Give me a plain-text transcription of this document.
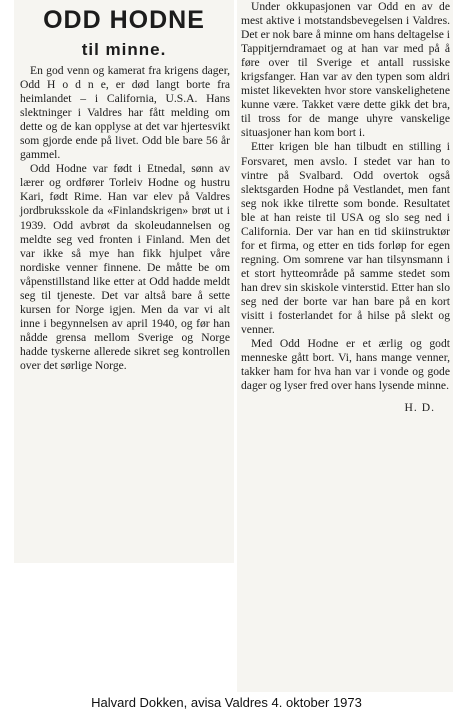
ODD HODNE
til minne.

En god venn og kamerat fra krigens dager, Odd H o d n e, er død langt borte fra heimlandet – i California, U.S.A. Hans slektninger i Valdres har fått melding om dette og de kan opplyse at det var hjertesvikt som gjorde ende på livet. Odd ble bare 56 år gammel.

Odd Hodne var født i Etnedal, sønn av lærer og ordfører Torleiv Hodne og hustru Kari, født Rime. Han var elev på Valdres jordbruksskole da «Finlandskrigen» brøt ut i 1939. Odd avbrøt da skoleudannelsen og meldte seg ved fronten i Finland. Men det var ikke så mye han fikk hjulpet våre nordiske venner finnene. De måtte be om våpenstillstand like etter at Odd hadde meldt seg til tjeneste. Det var altså bare å sette kursen for Norge igjen. Men da var vi alt inne i begynnelsen av april 1940, og før han nådde grensa mellom Sverige og Norge hadde tyskerne allerede sikret seg kontrollen over det sørlige Norge.

Under okkupasjonen var Odd en av de mest aktive i motstandsbevegelsen i Valdres. Det er nok bare å minne om hans deltagelse i Tappitjerndramaet og at han var med på å føre over til Sverige et antall russiske krigsfanger. Han var av den typen som aldri mistet likevekten hvor store vanskelighetene kunne være. Takket være dette gikk det bra, til tross for de mange uhyre vanskelige situasjoner han kom bort i.

Etter krigen ble han tilbudt en stilling i Forsvaret, men avslo. I stedet var han to vintre på Svalbard. Odd overtok også slektsgarden Hodne på Vestlandet, men fant seg nok ikke tilrette som bonde. Resultatet ble at han reiste til USA og slo seg ned i California. Der var han en tid skiinstruktør for et firma, og etter en tids forløp for egen regning. Om somrene var han tilsynsmann i et stort hytteområde på samme stedet som han drev sin skiskole vinterstid. Etter han slo seg ned der borte var han bare på en kort visitt i fosterlandet for å hilse på slekt og venner.

Med Odd Hodne er et ærlig og godt menneske gått bort. Vi, hans mange venner, takker ham for hva han var i vonde og gode dager og lyser fred over hans lysende minne.

H. D.
Halvard Dokken, avisa Valdres 4. oktober 1973
